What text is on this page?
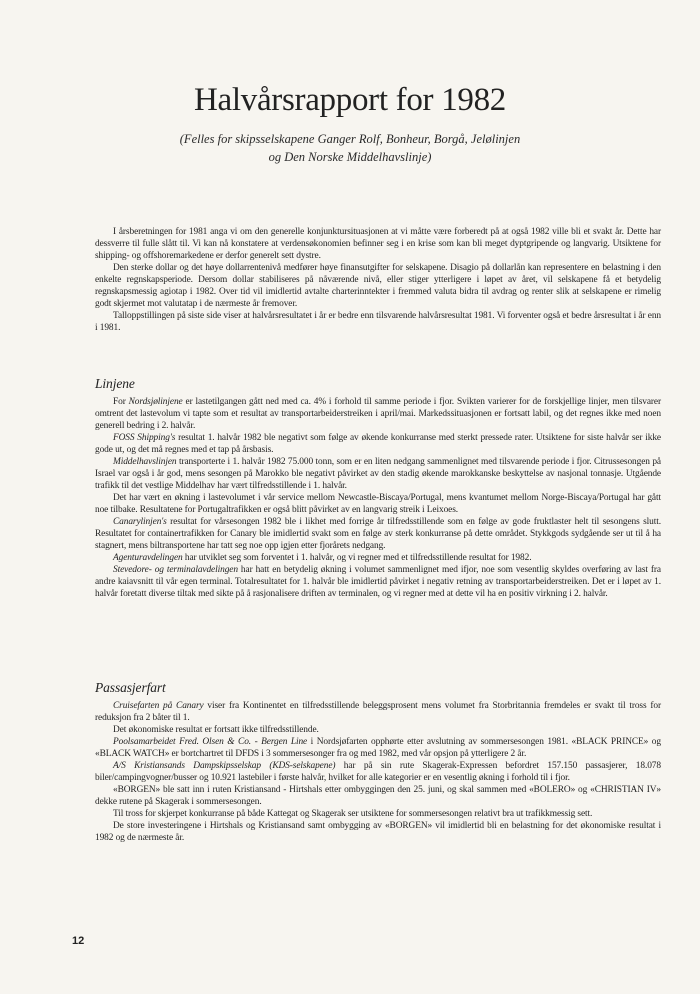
Halvårsrapport for 1982
(Felles for skipsselskapene Ganger Rolf, Bonheur, Borgå, Jelølinjen
og Den Norske Middelhavslinje)

I årsberetningen for 1981 anga vi om den generelle konjunktursituasjonen at vi måtte være forberedt på at også 1982 ville bli et svakt år. Dette har dessverre til fulle slått til. Vi kan nå konstatere at verdensøkonomien befinner seg i en krise som kan bli meget dyptgripende og langvarig. Utsiktene for shipping- og offshoremarkedene er derfor generelt sett dystre.

Den sterke dollar og det høye dollarrentenivå medfører høye finansutgifter for selskapene. Disagio på dollarlån kan representere en belastning i den enkelte regnskapsperiode. Dersom dollar stabiliseres på nåværende nivå, eller stiger ytterligere i løpet av året, vil selskapene få et betydelig regnskapsmessig agiotap i 1982. Over tid vil imidlertid avtalte charterinntekter i fremmed valuta bidra til avdrag og renter slik at selskapene er rimelig godt skjermet mot valutatap i de nærmeste år fremover.

Talloppstillingen på siste side viser at halvårsresultatet i år er bedre enn tilsvarende halvårsresultat 1981. Vi forventer også et bedre årsresultat i år enn i 1981.

Linjene

For Nordsjølinjene er lastetilgangen gått ned med ca. 4% i forhold til samme periode i fjor. Svikten varierer for de forskjellige linjer, men tilsvarer omtrent det lastevolum vi tapte som et resultat av transportarbeiderstreiken i april/mai. Markedssituasjonen er fortsatt labil, og det regnes ikke med noen generell bedring i 2. halvår.

FOSS Shipping's resultat 1. halvår 1982 ble negativt som følge av økende konkurranse med sterkt pressede rater. Utsiktene for siste halvår ser ikke gode ut, og det må regnes med et tap på årsbasis.

Middelhavslinjen transporterte i 1. halvår 1982 75.000 tonn, som er en liten nedgang sammenlignet med tilsvarende periode i fjor. Citrussesongen på Israel var også i år god, mens sesongen på Marokko ble negativt påvirket av den stadig økende marokkanske beskyttelse av nasjonal tonnasje. Utgående trafikk til det vestlige Middelhav har vært tilfredsstillende i 1. halvår.

Det har vært en økning i lastevolumet i vår service mellom Newcastle-Biscaya/Portugal, mens kvantumet mellom Norge-Biscaya/Portugal har gått noe tilbake. Resultatene for Portugaltrafikken er også blitt påvirket av en langvarig streik i Leixoes.

Canarylinjen's resultat for vårsesongen 1982 ble i likhet med forrige år tilfredsstillende som en følge av gode fruktlaster helt til sesongens slutt. Resultatet for containertrafikken for Canary ble imidlertid svakt som en følge av sterk konkurranse på dette området. Stykkgods sydgående ser ut til å ha stagnert, mens biltransportene har tatt seg noe opp igjen etter fjorårets nedgang.

Agenturavdelingen har utviklet seg som forventet i 1. halvår, og vi regner med et tilfredsstillende resultat for 1982.

Stevedore- og terminalavdelingen har hatt en betydelig økning i volumet sammenlignet med ifjor, noe som vesentlig skyldes overføring av last fra andre kaiavsnitt til vår egen terminal. Totalresultatet for 1. halvår ble imidlertid påvirket i negativ retning av transportarbeiderstreiken. Det er i løpet av 1. halvår foretatt diverse tiltak med sikte på å rasjonalisere driften av terminalen, og vi regner med at dette vil ha en positiv virkning i 2. halvår.

Passasjerfart

Cruisefarten på Canary viser fra Kontinentet en tilfredsstillende beleggsprosent mens volumet fra Storbritannia fremdeles er svakt til tross for reduksjon fra 2 båter til 1.

Det økonomiske resultat er fortsatt ikke tilfredsstillende.

Poolsamarbeidet Fred. Olsen & Co. - Bergen Line i Nordsjøfarten opphørte etter avslutning av sommersesongen 1981. «BLACK PRINCE» og «BLACK WATCH» er bortchartret til DFDS i 3 sommersesonger fra og med 1982, med vår opsjon på ytterligere 2 år.

A/S Kristiansands Dampskipsselskap (KDS-selskapene) har på sin rute Skagerak-Expressen befordret 157.150 passasjerer, 18.078 biler/campingvogner/busser og 10.921 lastebiler i første halvår, hvilket for alle kategorier er en vesentlig økning i forhold til i fjor.

«BORGEN» ble satt inn i ruten Kristiansand - Hirtshals etter ombyggingen den 25. juni, og skal sammen med «BOLERO» og «CHRISTIAN IV» dekke rutene på Skagerak i sommersesongen.

Til tross for skjerpet konkurranse på både Kattegat og Skagerak ser utsiktene for sommersesongen relativt bra ut trafikkmessig sett.

De store investeringene i Hirtshals og Kristiansand samt ombygging av «BORGEN» vil imidlertid bli en belastning for det økonomiske resultat i 1982 og de nærmeste år.

12
